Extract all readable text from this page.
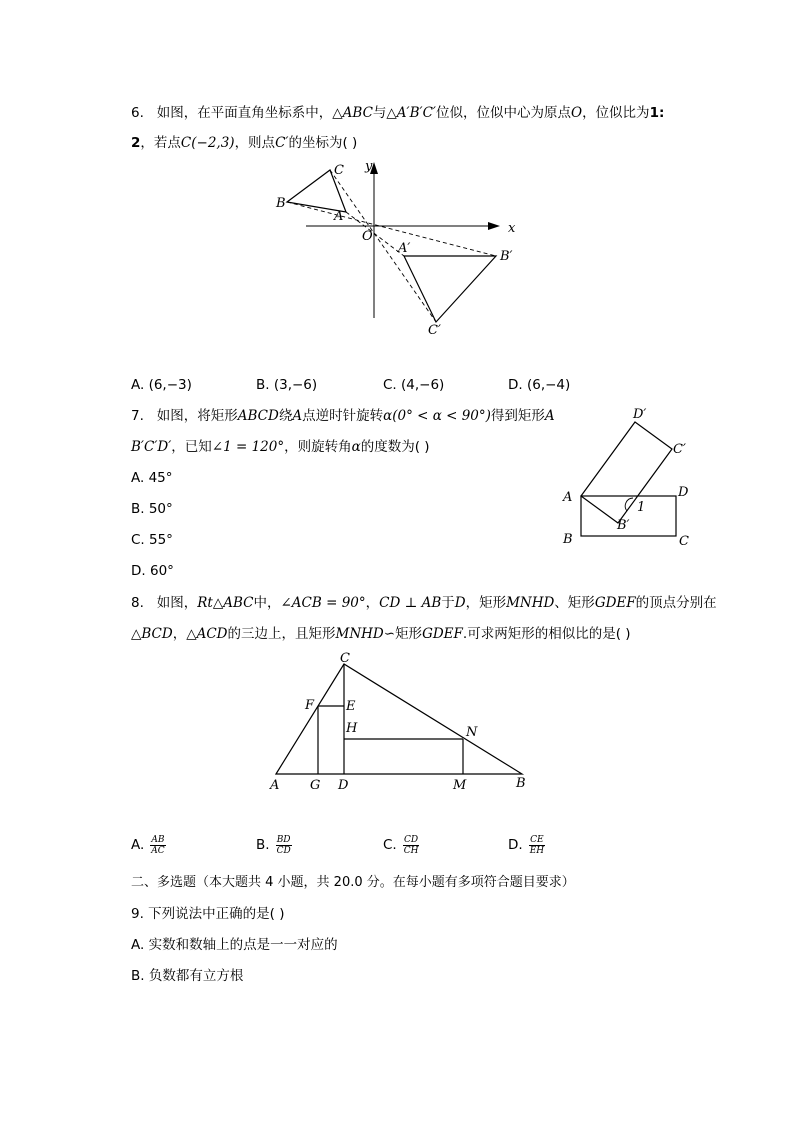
6. 如图，在平面直角坐标系中，△ABC与△A′B′C′位似，位似中心为原点O，位似比为1:
2，若点C(−2,3)，则点C′的坐标为( )
B
C
A
O
x
y
A′
B′
C′
A. (6,−3)	B. (3,−6)	C. (4,−6)	D. (6,−4)
7. 如图，将矩形ABCD绕A点逆时针旋转α(0° < α < 90°)得到矩形A
B′C′D′，已知∠1 = 120°，则旋转角α的度数为( )
A. 45°
B. 50°
C. 55°
D. 60°
D′
C′
A	D
1
B′
B	C
8. 如图，Rt△ABC中，∠ACB = 90°，CD ⊥ AB于D，矩形MNHD、矩形GDEF的顶点分别在
△BCD，△ACD的三边上，且矩形MNHD∽矩形GDEF.可求两矩形的相似比的是( )
C
F E
H	N
A G D	M	B
A. $\frac{AB}{AC}$	B. $\frac{BD}{CD}$	C. $\frac{CD}{CH}$	D. $\frac{CE}{EH}$
二、多选题（本大题共 4 小题，共 20.0 分。在每小题有多项符合题目要求）
9. 下列说法中正确的是( )
A. 实数和数轴上的点是一一对应的
B. 负数都有立方根
